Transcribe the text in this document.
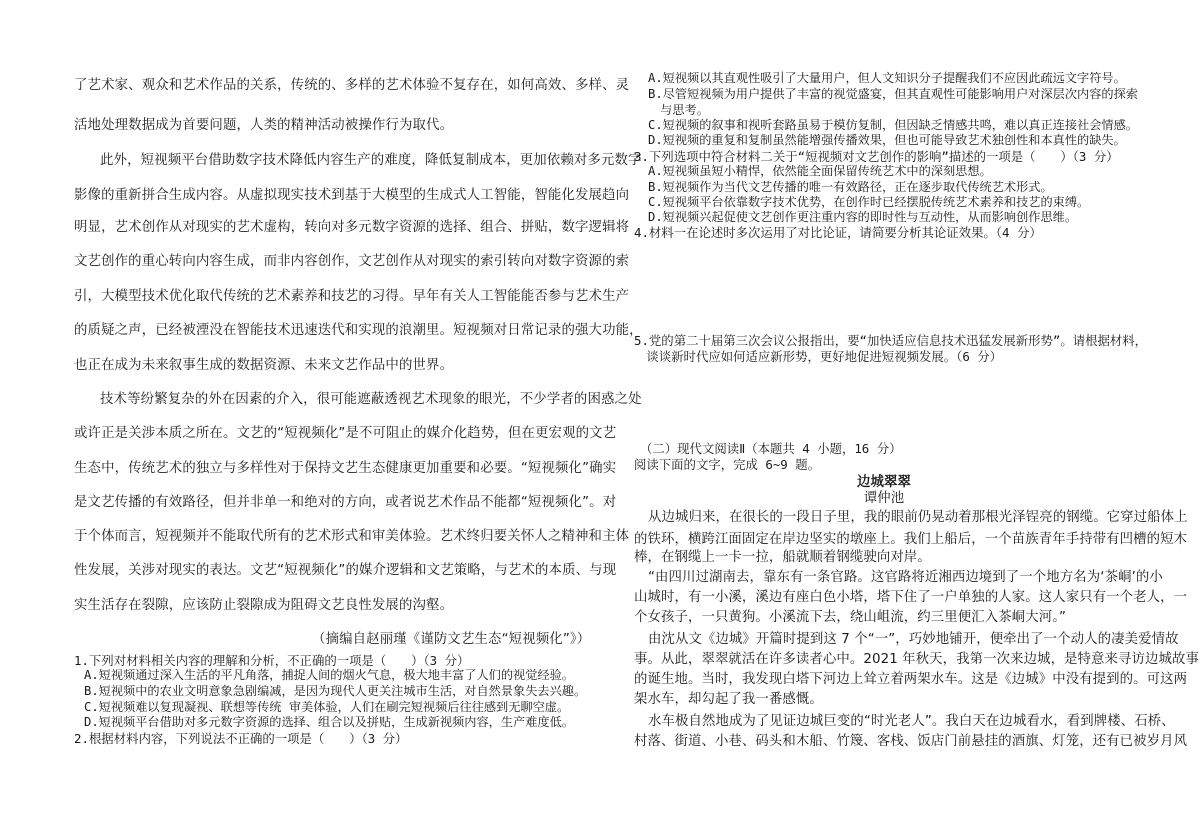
了艺术家、观众和艺术作品的关系，传统的、多样的艺术体验不复存在，如何高效、多样、灵
活地处理数据成为首要问题，人类的精神活动被操作行为取代。
此外，短视频平台借助数字技术降低内容生产的难度，降低复制成本，更加依赖对多元数字
影像的重新拼合生成内容。从虚拟现实技术到基于大模型的生成式人工智能，智能化发展趋向
明显，艺术创作从对现实的艺术虚构，转向对多元数字资源的选择、组合、拼贴，数字逻辑将
文艺创作的重心转向内容生成，而非内容创作，文艺创作从对现实的索引转向对数字资源的索
引，大模型技术优化取代传统的艺术素养和技艺的习得。早年有关人工智能能否参与艺术生产
的质疑之声，已经被湮没在智能技术迅速迭代和实现的浪潮里。短视频对日常记录的强大功能，
也正在成为未来叙事生成的数据资源、未来文艺作品中的世界。
技术等纷繁复杂的外在因素的介入，很可能遮蔽透视艺术现象的眼光，不少学者的困惑之处
或许正是关涉本质之所在。文艺的“短视频化”是不可阻止的媒介化趋势，但在更宏观的文艺
生态中，传统艺术的独立与多样性对于保持文艺生态健康更加重要和必要。“短视频化”确实
是文艺传播的有效路径，但并非单一和绝对的方向，或者说艺术作品不能都“短视频化”。对
于个体而言，短视频并不能取代所有的艺术形式和审美体验。艺术终归要关怀人之精神和主体
性发展，关涉对现实的表达。文艺“短视频化”的媒介逻辑和文艺策略，与艺术的本质、与现
实生活存在裂隙，应该防止裂隙成为阻碍文艺良性发展的沟壑。
（摘编自赵丽瑾《谨防文艺生态“短视频化”》）
1.下列对材料相关内容的理解和分析，不正确的一项是（　　）（3 分）
A.短视频通过深入生活的平凡角落，捕捉人间的烟火气息，极大地丰富了人们的视觉经验。
B.短视频中的农业文明意象急剧编减，是因为现代人更关注城市生活，对自然景象失去兴趣。
C.短视频难以复现凝视、联想等传统 审美体验，人们在刷完短视频后往往感到无聊空虚。
D.短视频平台借助对多元数字资源的选择、组合以及拼贴，生成新视频内容，生产难度低。
2.根据材料内容，下列说法不正确的一项是（　　）（3 分）
A.短视频以其直观性吸引了大量用户，但人文知识分子提醒我们不应因此疏远文字符号。
B.尽管短视频为用户提供了丰富的视觉盛宴，但其直观性可能影响用户对深层次内容的探索
　与思考。
C.短视频的叙事和视听套路虽易于模仿复制，但因缺乏情感共鸣，难以真正连接社会情感。
D.短视频的重复和复制虽然能增强传播效果，但也可能导致艺术独创性和本真性的缺失。
3.下列选项中符合材料二关于“短视频对文艺创作的影响”描述的一项是（　　）（3 分）
A.短视频虽短小精悍，依然能全面保留传统艺术中的深刻思想。
B.短视频作为当代文艺传播的唯一有效路径，正在逐步取代传统艺术形式。
C.短视频平台依靠数字技术优势，在创作时已经摆脱传统艺术素养和技艺的束缚。
D.短视频兴起促使文艺创作更注重内容的即时性与互动性，从而影响创作思维。
4.材料一在论述时多次运用了对比论证，请简要分析其论证效果。（4 分）
5.党的第二十届第三次会议公报指出，要“加快适应信息技术迅猛发展新形势”。请根据材料，
　谈谈新时代应如何适应新形势，更好地促进短视频发展。（6 分）
（二）现代文阅读Ⅱ（本题共 4 小题，16 分）
阅读下面的文字，完成 6~9 题。
边城翠翠
谭仲池
从边城归来，在很长的一段日子里，我的眼前仍晃动着那根光泽锃亮的钢缆。它穿过船体上
的铁环，横跨江面固定在岸边坚实的墩座上。我们上船后，一个苗族青年手持带有凹槽的短木
棒，在钢缆上一卡一拉，船就顺着钢缆驶向对岸。
“由四川过湖南去，靠东有一条官路。这官路将近湘西边境到了一个地方名为‘茶峒’的小
山城时，有一小溪，溪边有座白色小塔，塔下住了一户单独的人家。这人家只有一个老人，一
个女孩子，一只黄狗。小溪流下去，绕山岨流，约三里便汇入茶峒大河。”
由沈从文《边城》开篇时提到这 7 个“一”，巧妙地铺开，便牵出了一个动人的凄美爱情故
事。从此，翠翠就活在许多读者心中。2021 年秋天，我第一次来边城，是特意来寻访边城故事
的诞生地。当时，我发现白塔下河边上耸立着两架水车。这是《边城》中没有提到的。可这两
架水车，却勾起了我一番感慨。
水车极自然地成为了见证边城巨变的“时光老人”。我白天在边城看水，看到牌楼、石桥、
村落、街道、小巷、码头和木船、竹篾、客栈、饭店门前悬挂的酒旗、灯笼，还有已被岁月风
